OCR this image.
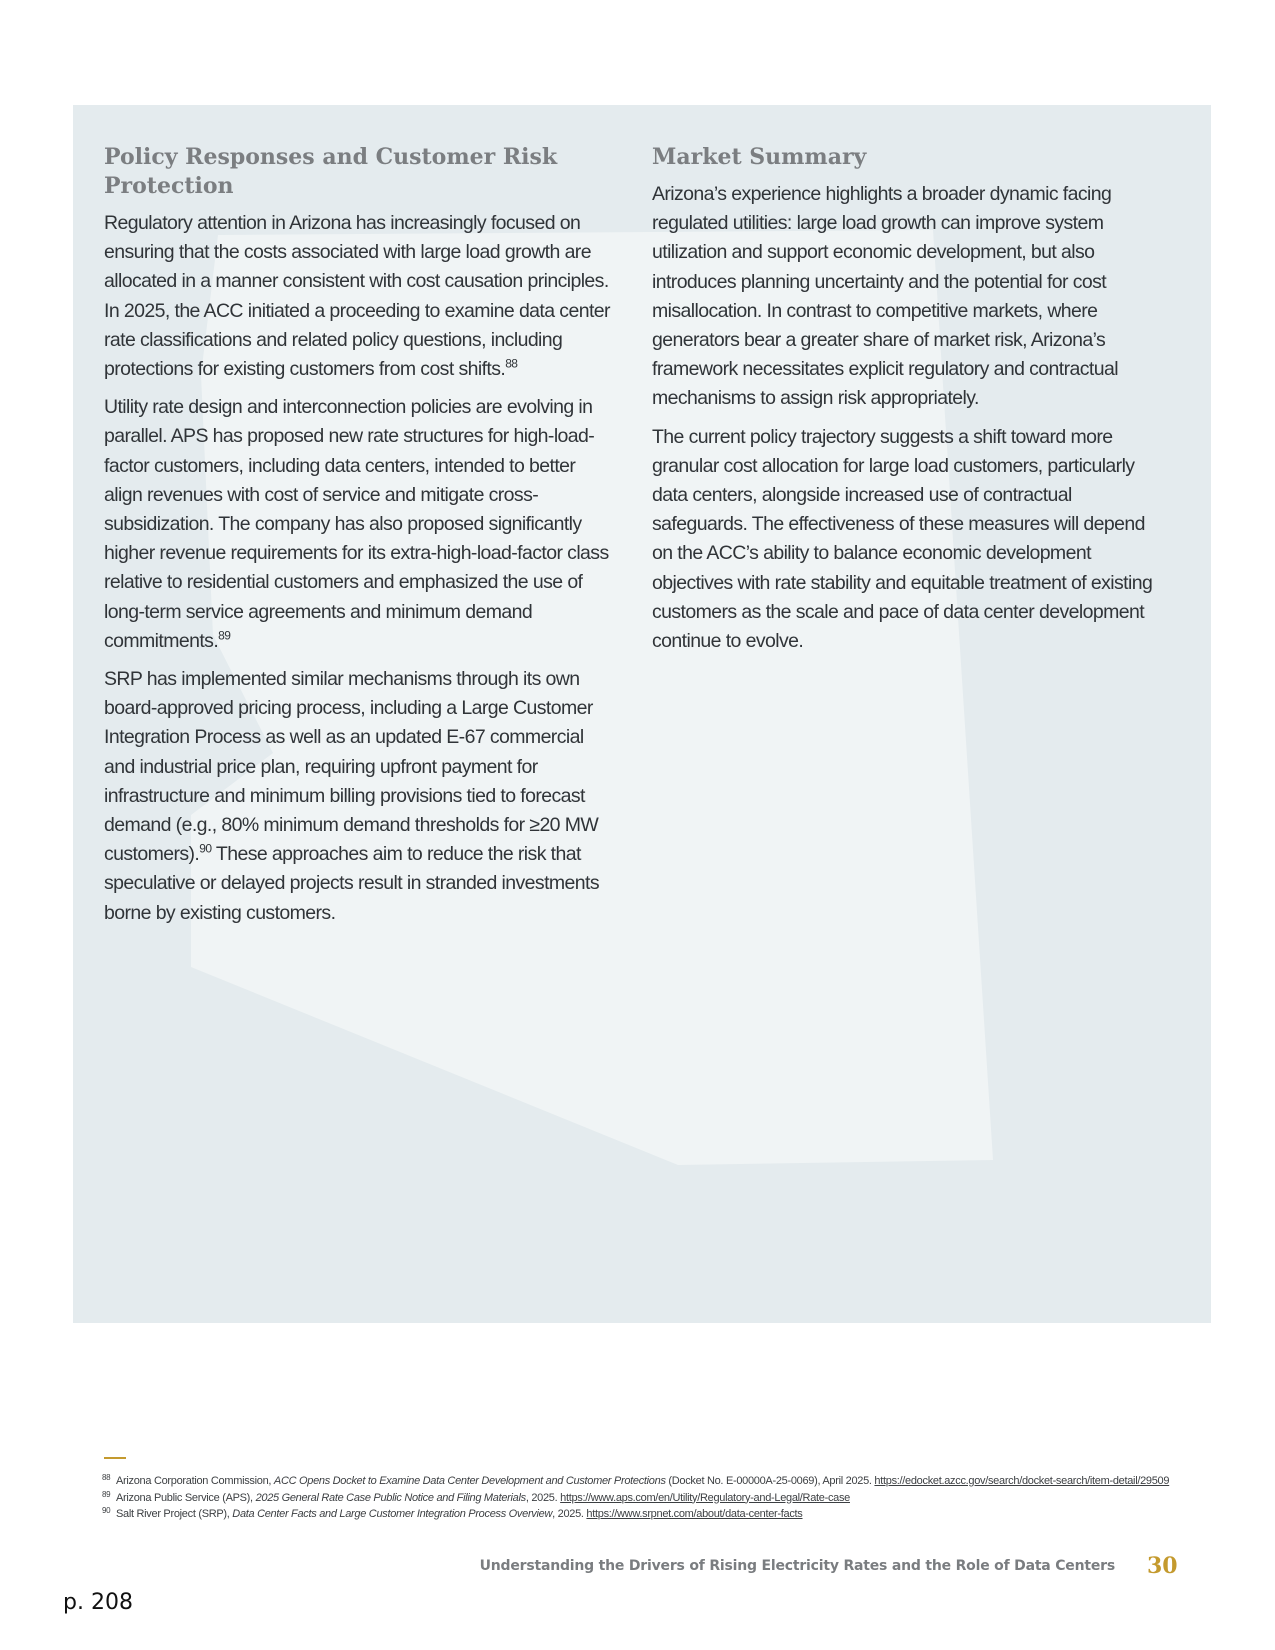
Policy Responses and Customer Risk Protection

Regulatory attention in Arizona has increasingly focused on ensuring that the costs associated with large load growth are allocated in a manner consistent with cost causation principles. In 2025, the ACC initiated a proceeding to examine data center rate classifications and related policy questions, including protections for existing customers from cost shifts.$^{88}$

Utility rate design and interconnection policies are evolving in parallel. APS has proposed new rate structures for high-load-factor customers, including data centers, intended to better align revenues with cost of service and mitigate cross-subsidization. The company has also proposed significantly higher revenue requirements for its extra-high-load-factor class relative to residential customers and emphasized the use of long-term service agreements and minimum demand commitments.$^{89}$

SRP has implemented similar mechanisms through its own board-approved pricing process, including a Large Customer Integration Process as well as an updated E-67 commercial and industrial price plan, requiring upfront payment for infrastructure and minimum billing provisions tied to forecast demand (e.g., 80% minimum demand thresholds for ≥20 MW customers).$^{90}$ These approaches aim to reduce the risk that speculative or delayed projects result in stranded investments borne by existing customers.

Market Summary

Arizona’s experience highlights a broader dynamic facing regulated utilities: large load growth can improve system utilization and support economic development, but also introduces planning uncertainty and the potential for cost misallocation. In contrast to competitive markets, where generators bear a greater share of market risk, Arizona’s framework necessitates explicit regulatory and contractual mechanisms to assign risk appropriately.

The current policy trajectory suggests a shift toward more granular cost allocation for large load customers, particularly data centers, alongside increased use of contractual safeguards. The effectiveness of these measures will depend on the ACC’s ability to balance economic development objectives with rate stability and equitable treatment of existing customers as the scale and pace of data center development continue to evolve.

88 Arizona Corporation Commission, ACC Opens Docket to Examine Data Center Development and Customer Protections (Docket No. E-00000A-25-0069), April 2025. https://edocket.azcc.gov/search/docket-search/item-detail/29509
89 Arizona Public Service (APS), 2025 General Rate Case Public Notice and Filing Materials, 2025. https://www.aps.com/en/Utility/Regulatory-and-Legal/Rate-case
90 Salt River Project (SRP), Data Center Facts and Large Customer Integration Process Overview, 2025. https://www.srpnet.com/about/data-center-facts
Understanding the Drivers of Rising Electricity Rates and the Role of Data Centers 30
p. 208
